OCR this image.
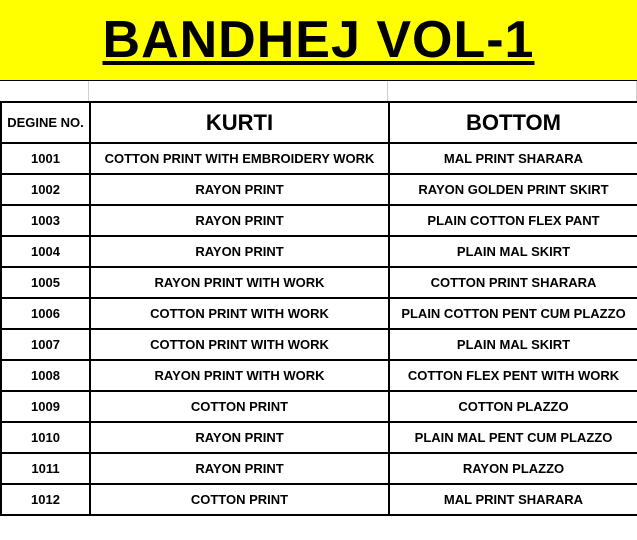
BANDHEJ VOL-1
DEGINE NO.	KURTI	BOTTOM
1001	COTTON PRINT WITH EMBROIDERY WORK	MAL PRINT SHARARA
1002	RAYON PRINT	RAYON GOLDEN PRINT SKIRT
1003	RAYON PRINT	PLAIN COTTON FLEX PANT
1004	RAYON PRINT	PLAIN MAL SKIRT
1005	RAYON PRINT WITH WORK	COTTON PRINT SHARARA
1006	COTTON PRINT WITH WORK	PLAIN COTTON PENT CUM PLAZZO
1007	COTTON PRINT WITH WORK	PLAIN MAL SKIRT
1008	RAYON PRINT WITH WORK	COTTON FLEX PENT WITH WORK
1009	COTTON PRINT	COTTON PLAZZO
1010	RAYON PRINT	PLAIN MAL PENT CUM PLAZZO
1011	RAYON PRINT	RAYON PLAZZO
1012	COTTON PRINT	MAL PRINT SHARARA
